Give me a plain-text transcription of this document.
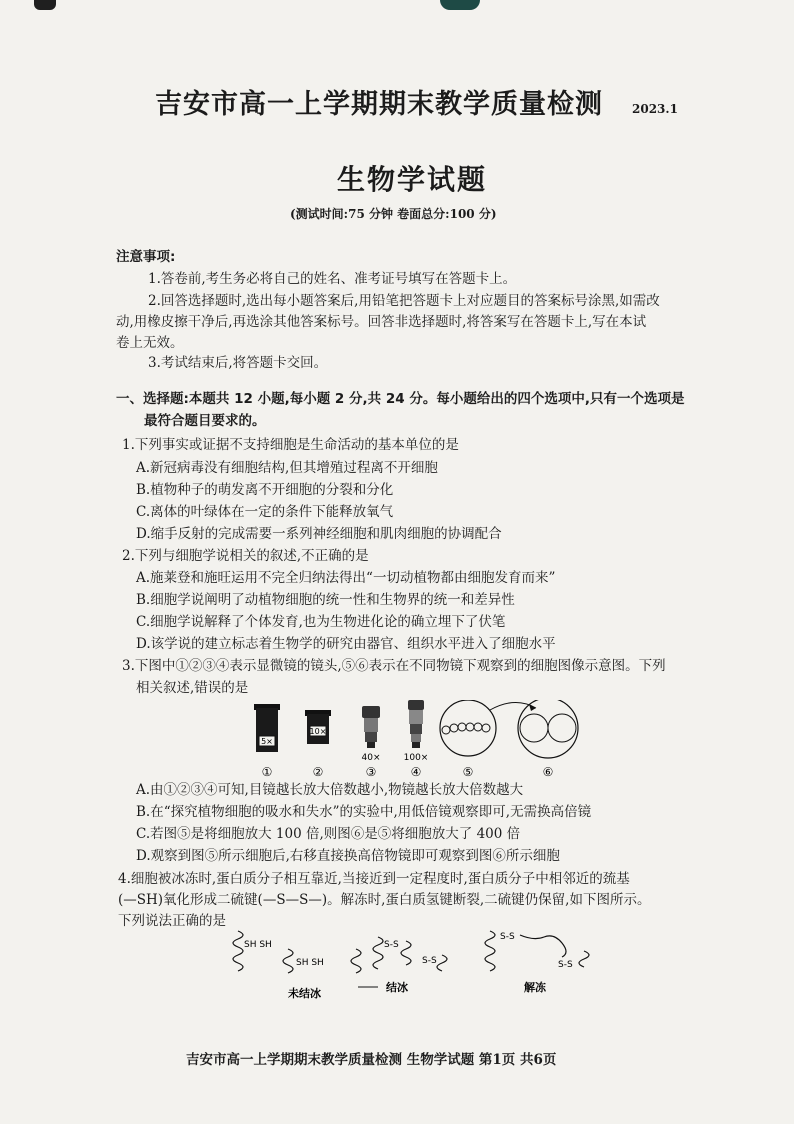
吉安市高一上学期期末教学质量检测 2023.1
生物学试题
(测试时间:75 分钟 卷面总分:100 分)
注意事项:
1.答卷前,考生务必将自己的姓名、准考证号填写在答题卡上。
2.回答选择题时,选出每小题答案后,用铅笔把答题卡上对应题目的答案标号涂黑,如需改
动,用橡皮擦干净后,再选涂其他答案标号。回答非选择题时,将答案写在答题卡上,写在本试
卷上无效。
3.考试结束后,将答题卡交回。
一、选择题:本题共 12 小题,每小题 2 分,共 24 分。每小题给出的四个选项中,只有一个选项是
最符合题目要求的。
1.下列事实或证据不支持细胞是生命活动的基本单位的是
A.新冠病毒没有细胞结构,但其增殖过程离不开细胞
B.植物种子的萌发离不开细胞的分裂和分化
C.离体的叶绿体在一定的条件下能释放氧气
D.缩手反射的完成需要一系列神经细胞和肌肉细胞的协调配合
2.下列与细胞学说相关的叙述,不正确的是
A.施莱登和施旺运用不完全归纳法得出“一切动植物都由细胞发育而来”
B.细胞学说阐明了动植物细胞的统一性和生物界的统一和差异性
C.细胞学说解释了个体发育,也为生物进化论的确立埋下了伏笔
D.该学说的建立标志着生物学的研究由器官、组织水平进入了细胞水平
3.下图中①②③④表示显微镜的镜头,⑤⑥表示在不同物镜下观察到的细胞图像示意图。下列
相关叙述,错误的是
5×
10×
40×	100×
①	②	③	④	⑤	⑥
A.由①②③④可知,目镜越长放大倍数越小,物镜越长放大倍数越大
B.在“探究植物细胞的吸水和失水”的实验中,用低倍镜观察即可,无需换高倍镜
C.若图⑤是将细胞放大 100 倍,则图⑥是⑤将细胞放大了 400 倍
D.观察到图⑤所示细胞后,右移直接换高倍物镜即可观察到图⑥所示细胞
4.细胞被冰冻时,蛋白质分子相互靠近,当接近到一定程度时,蛋白质分子中相邻近的巯基
(—SH)氧化形成二硫键(—S—S—)。解冻时,蛋白质氢键断裂,二硫键仍保留,如下图所示。
下列说法正确的是
SH SH
SH SH
未结冰
S-S
S-S
结冰
S-S
S-S
解冻
吉安市高一上学期期末教学质量检测 生物学试题 第1页 共6页
